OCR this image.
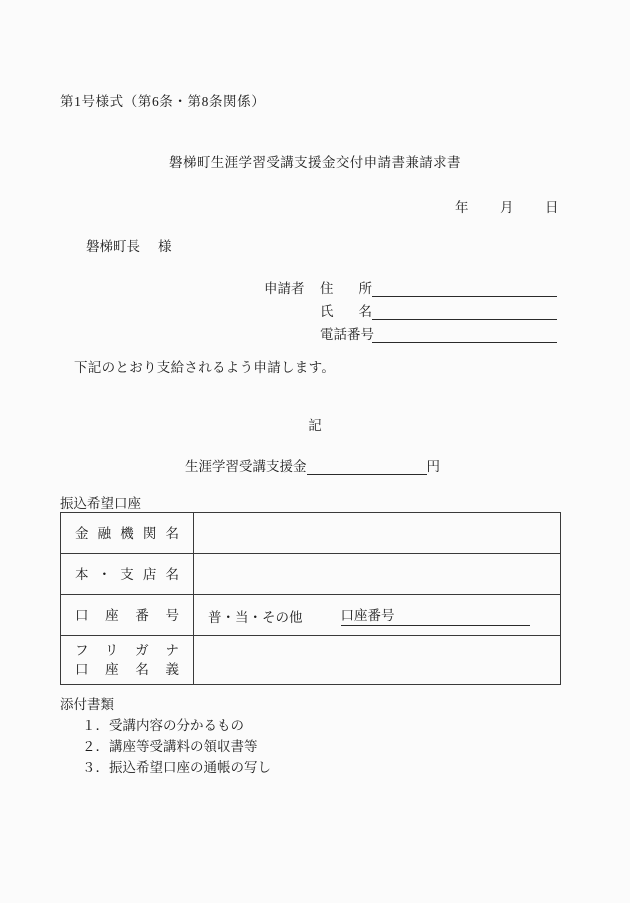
第1号様式（第6条・第8条関係）
磐梯町生涯学習受講支援金交付申請書兼請求書
年 月 日
磐梯町長 様
申請者	住 所
氏 名
電話番号
下記のとおり支給されるよう申請します。
記
生涯学習受講支援金	円
振込希望口座
金融機関名	

本・支店名	

口座番号	普・当・その他 口座番号

フリガナ
口座名義	

添付書類
１．受講内容の分かるもの
２．講座等受講料の領収書等
３．振込希望口座の通帳の写し
